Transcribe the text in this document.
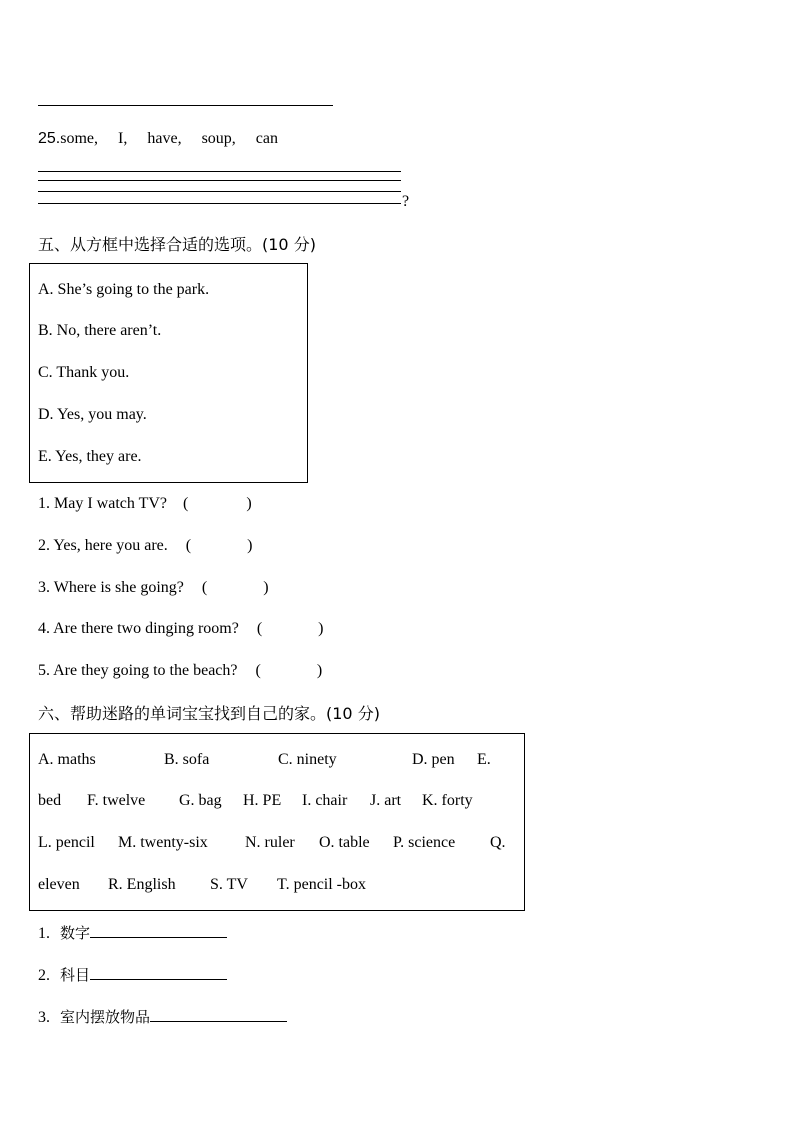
25.some, I, have, soup, can
?
五、从方框中选择合适的选项。(10 分)
A. She’s going to the park.
B. No, there aren’t.
C. Thank you.
D. Yes, you may.
E. Yes, they are.
1. May I watch TV? (	)
2. Yes, here you are. (	)
3. Where is she going? (	)
4. Are there two dinging room? (	)
5. Are they going to the beach? (	)
六、帮助迷路的单词宝宝找到自己的家。(10 分)
A. maths	B. sofa	C. ninety	D. pen E.
bed F. twelve G. bag H. PE I. chair J. art K. forty
L. pencil M. twenty-six N. ruler O. table P. science Q.
eleven R. English S. TV T. pencil -box
1. 数字
2. 科目
3. 室内摆放物品
